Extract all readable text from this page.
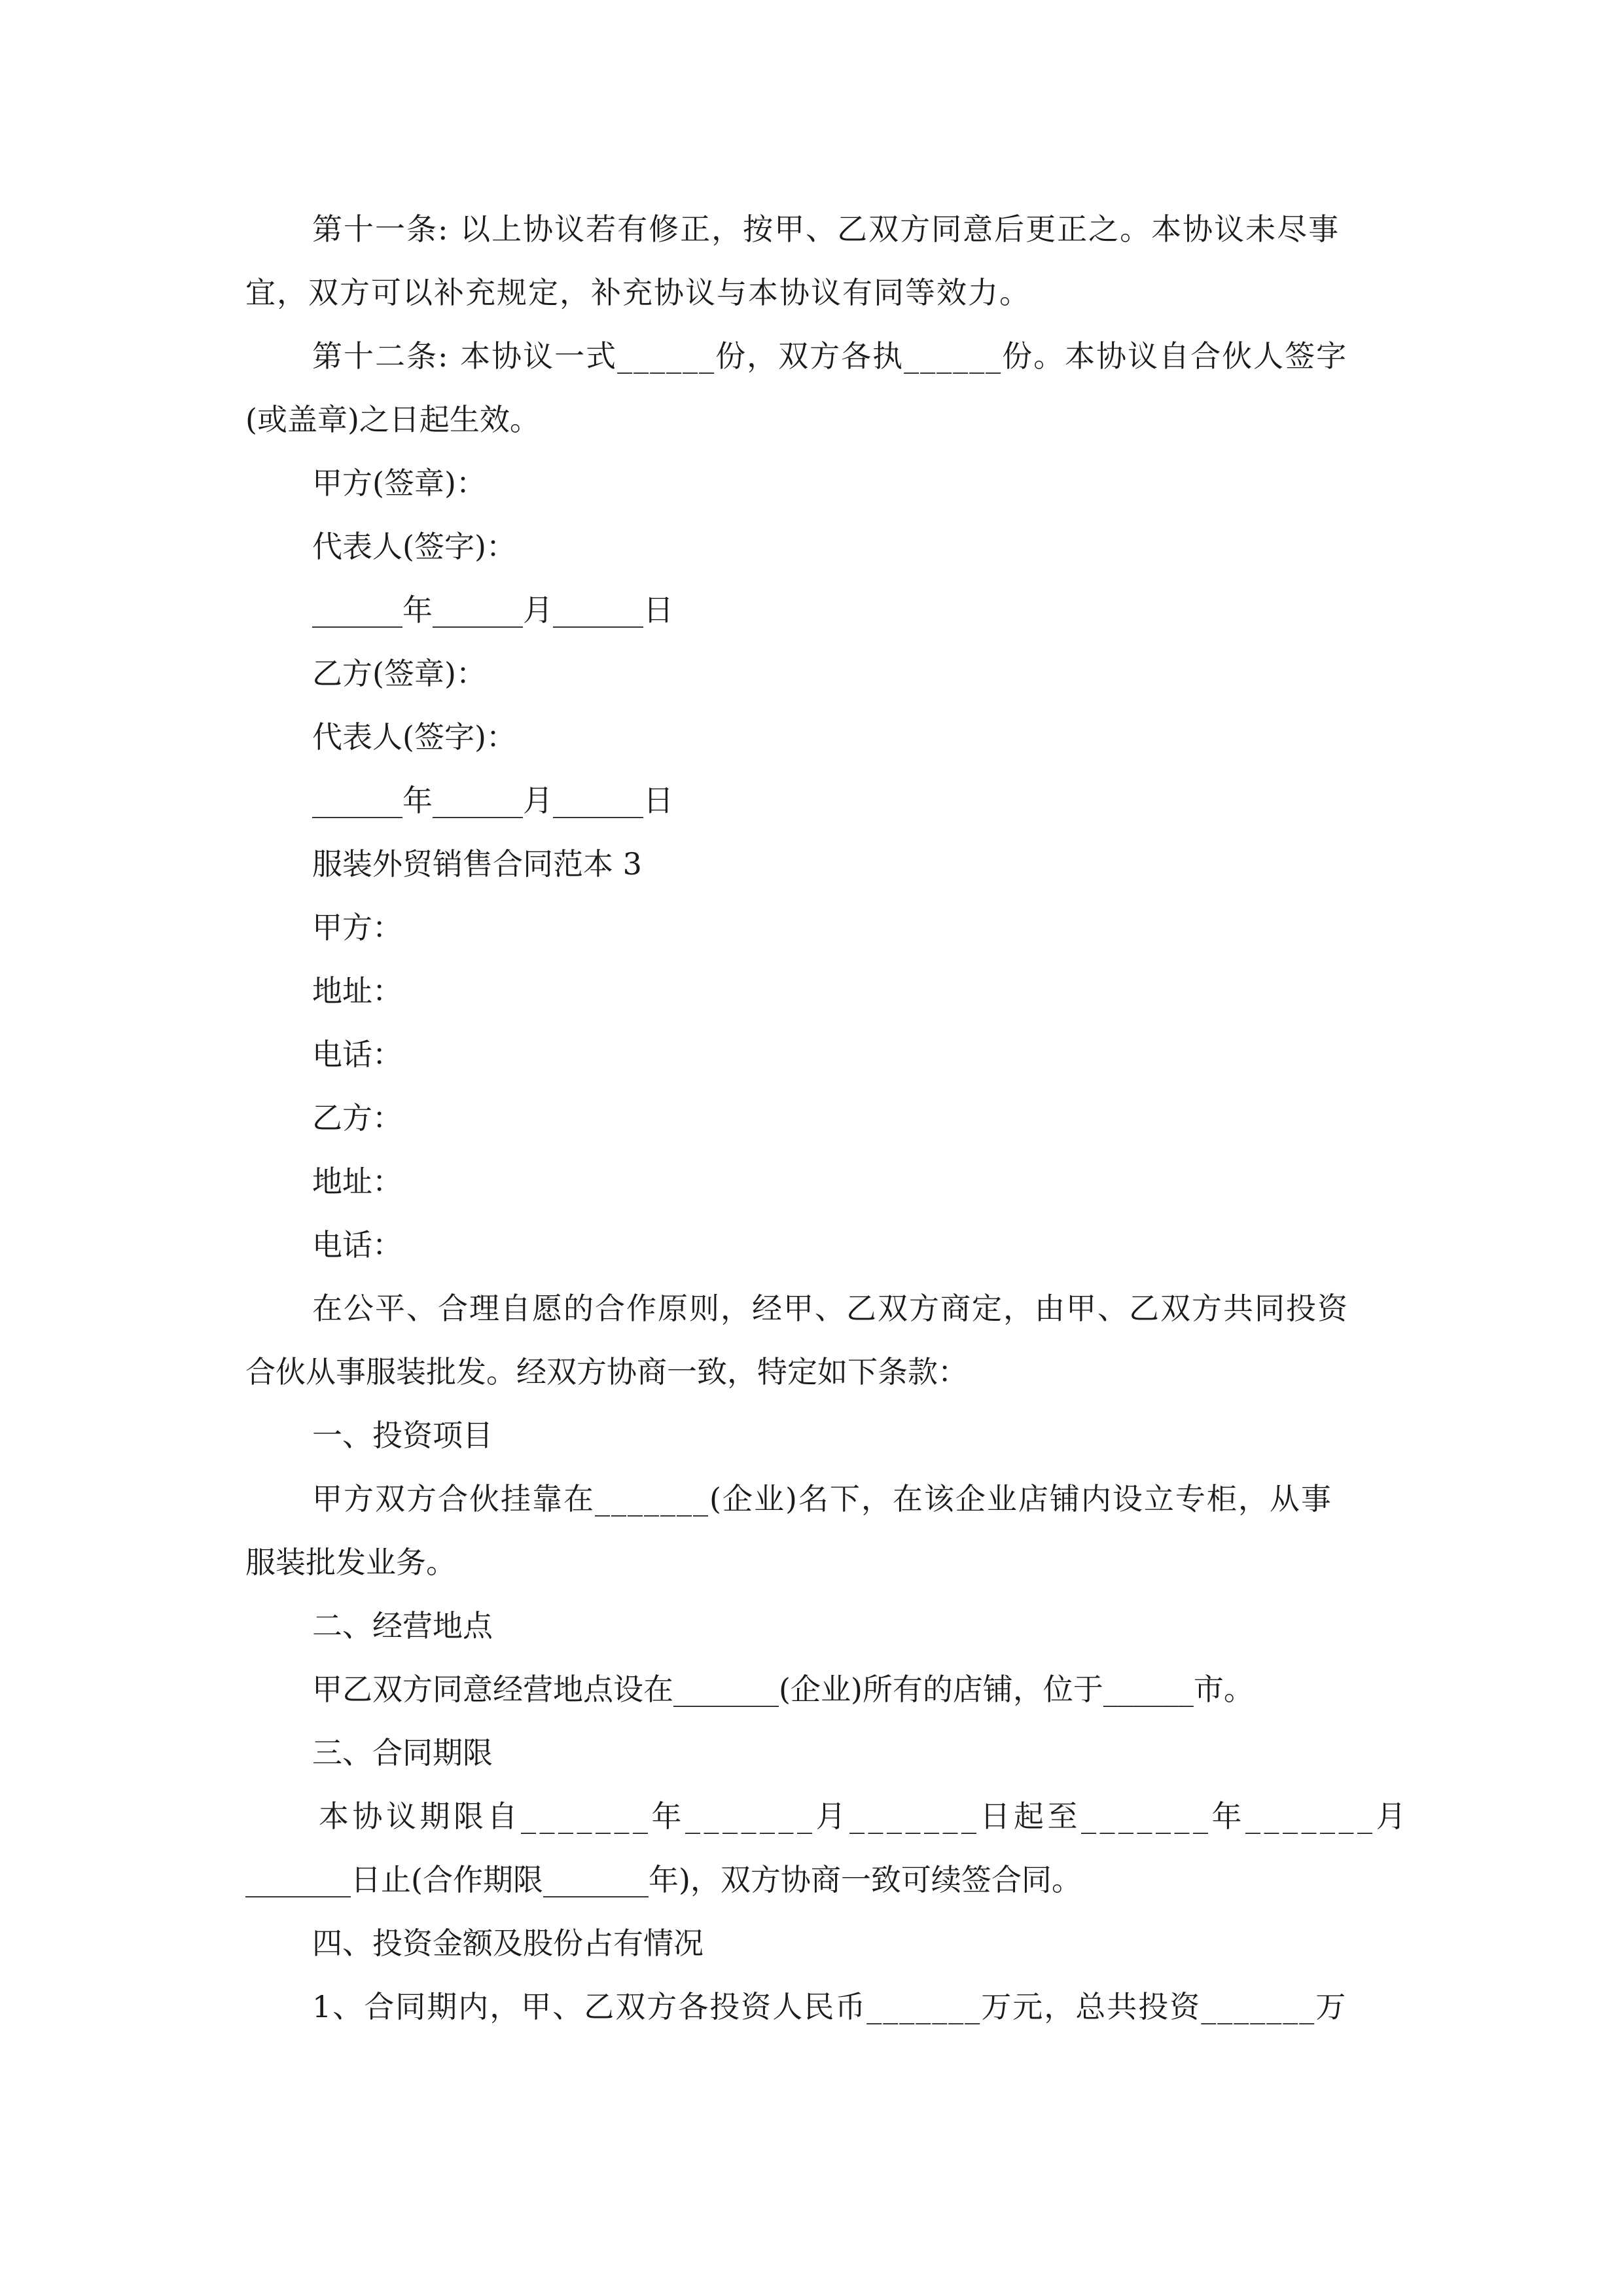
第十一条: 以上协议若有修正，按甲、乙双方同意后更正之。本协议未尽事

宜，双方可以补充规定，补充协议与本协议有同等效力。

第十二条: 本协议一式______份，双方各执______份。本协议自合伙人签字

(或盖章)之日起生效。

甲方(签章)：

代表人(签字)：

______年______月______日

乙方(签章)：

代表人(签字)：

______年______月______日

服装外贸销售合同范本 3

甲方：

地址：

电话：

乙方：

地址：

电话：

在公平、合理自愿的合作原则，经甲、乙双方商定，由甲、乙双方共同投资

合伙从事服装批发。经双方协商一致，特定如下条款：

一、投资项目

甲方双方合伙挂靠在_______(企业)名下，在该企业店铺内设立专柜，从事

服装批发业务。

二、经营地点

甲乙双方同意经营地点设在_______(企业)所有的店铺，位于______市。

三、合同期限

本协议期限自_______年_______月_______日起至_______年_______月

_______日止(合作期限_______年)，双方协商一致可续签合同。

四、投资金额及股份占有情况

1、合同期内，甲、乙双方各投资人民币_______万元，总共投资_______万
